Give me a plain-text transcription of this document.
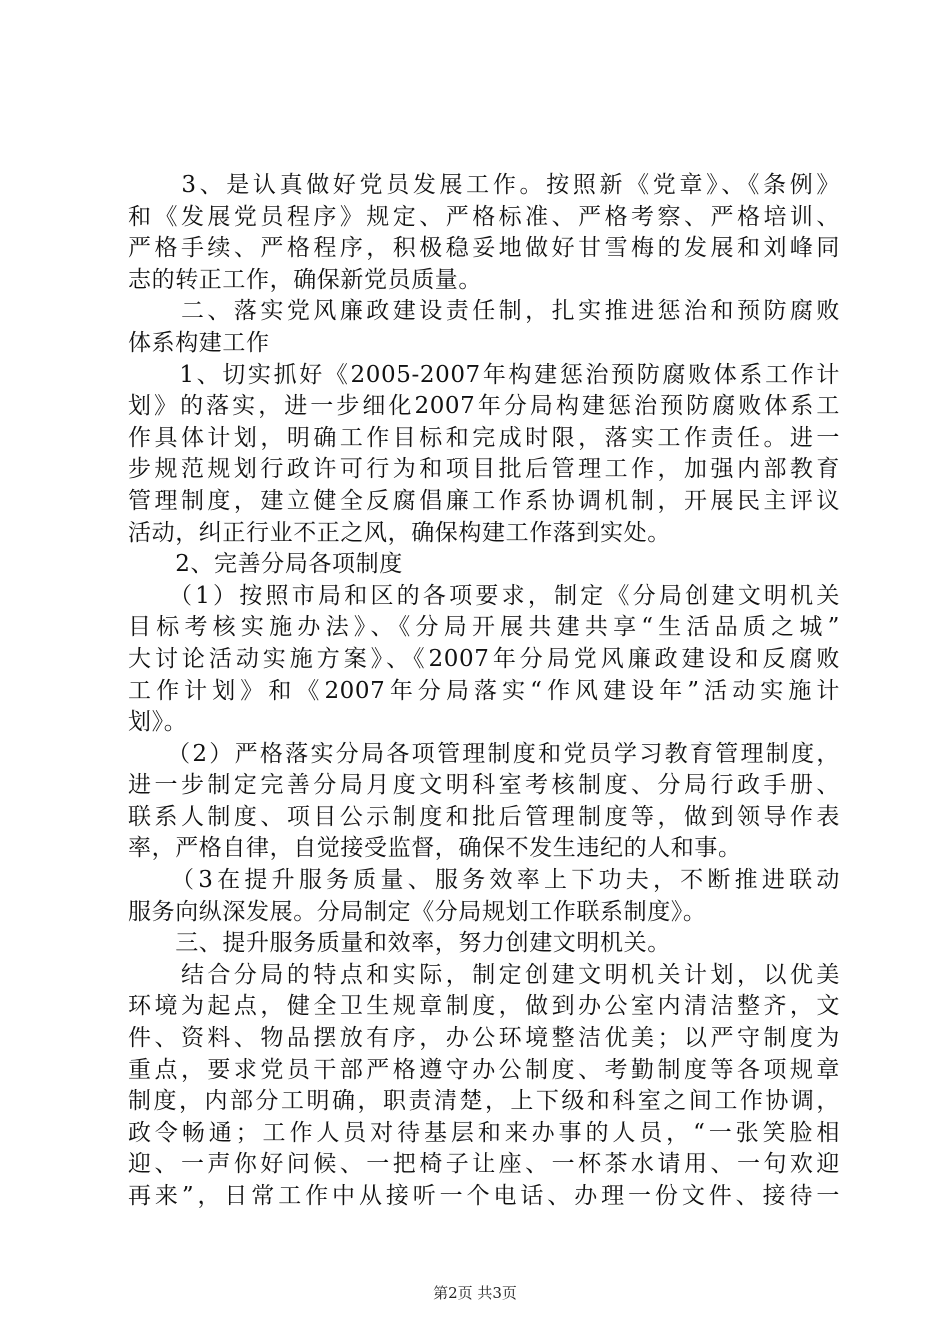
　　3、是认真做好党员发展工作。按照新《党章》、《条例》
和《发展党员程序》规定、严格标准、严格考察、严格培训、
严格手续、严格程序，积极稳妥地做好甘雪梅的发展和刘峰同
志的转正工作，确保新党员质量。
　　二、落实党风廉政建设责任制，扎实推进惩治和预防腐败
体系构建工作
　　1、切实抓好《2005-2007年构建惩治预防腐败体系工作计
划》的落实，进一步细化2007年分局构建惩治预防腐败体系工
作具体计划，明确工作目标和完成时限，落实工作责任。进一
步规范规划行政许可行为和项目批后管理工作，加强内部教育
管理制度，建立健全反腐倡廉工作系协调机制，开展民主评议
活动，纠正行业不正之风，确保构建工作落到实处。
　　2、完善分局各项制度
　　（1）按照市局和区的各项要求，制定《分局创建文明机关
目标考核实施办法》、《分局开展共建共享“生活品质之城”
大讨论活动实施方案》、《2007年分局党风廉政建设和反腐败
工作计划》和《2007年分局落实“作风建设年”活动实施计
划》。
　　（2）严格落实分局各项管理制度和党员学习教育管理制度，
进一步制定完善分局月度文明科室考核制度、分局行政手册、
联系人制度、项目公示制度和批后管理制度等，做到领导作表
率，严格自律，自觉接受监督，确保不发生违纪的人和事。
　　（3在提升服务质量、服务效率上下功夫，不断推进联动
服务向纵深发展。分局制定《分局规划工作联系制度》。
　　三、提升服务质量和效率，努力创建文明机关。
　　结合分局的特点和实际，制定创建文明机关计划，以优美
环境为起点，健全卫生规章制度，做到办公室内清洁整齐，文
件、资料、物品摆放有序，办公环境整洁优美；以严守制度为
重点，要求党员干部严格遵守办公制度、考勤制度等各项规章
制度，内部分工明确，职责清楚，上下级和科室之间工作协调，
政令畅通；工作人员对待基层和来办事的人员，“一张笑脸相
迎、一声你好问候、一把椅子让座、一杯茶水请用、一句欢迎
再来”，日常工作中从接听一个电话、办理一份文件、接待一
第2页 共3页
